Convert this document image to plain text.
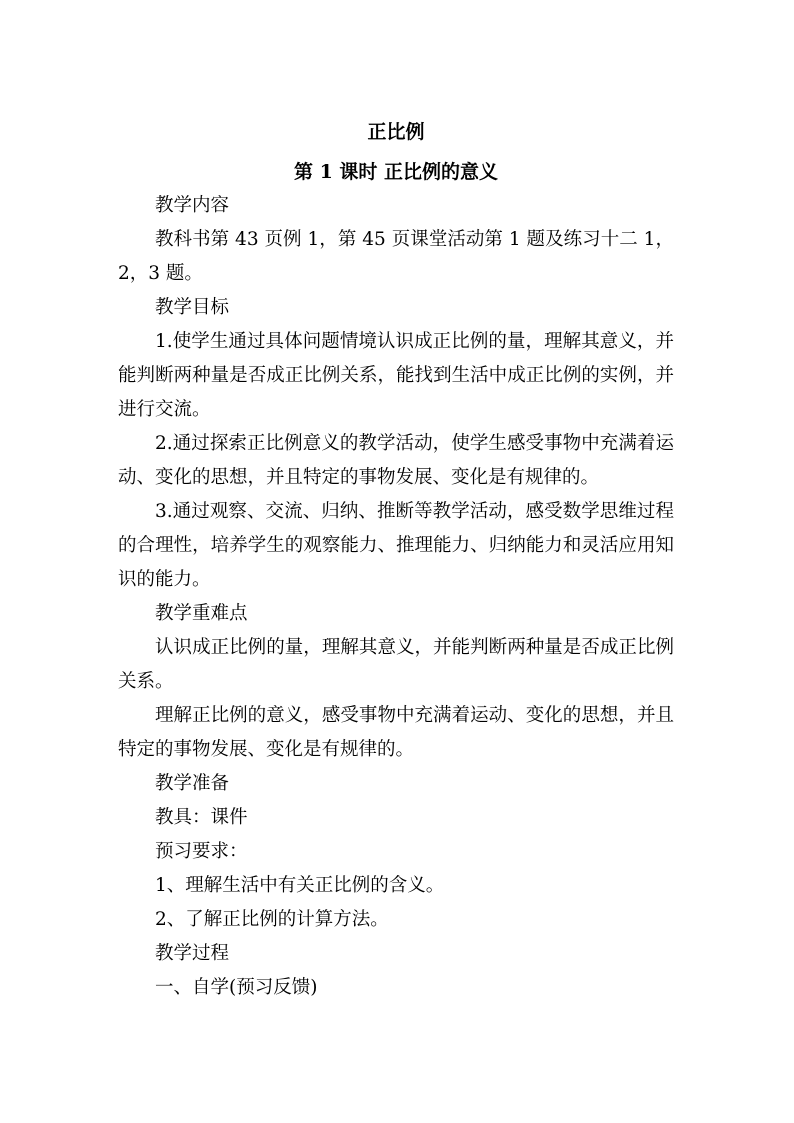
正比例
第 1 课时 正比例的意义

教学内容

教科书第 43 页例 1，第 45 页课堂活动第 1 题及练习十二 1，2，3 题。

教学目标

1.使学生通过具体问题情境认识成正比例的量，理解其意义，并能判断两种量是否成正比例关系，能找到生活中成正比例的实例，并进行交流。

2.通过探索正比例意义的教学活动，使学生感受事物中充满着运动、变化的思想，并且特定的事物发展、变化是有规律的。

3.通过观察、交流、归纳、推断等教学活动，感受数学思维过程的合理性，培养学生的观察能力、推理能力、归纳能力和灵活应用知识的能力。

教学重难点

认识成正比例的量，理解其意义，并能判断两种量是否成正比例关系。

理解正比例的意义，感受事物中充满着运动、变化的思想，并且特定的事物发展、变化是有规律的。

教学准备

教具：课件

预习要求：

1、理解生活中有关正比例的含义。

2、了解正比例的计算方法。

教学过程

一、自学(预习反馈)
